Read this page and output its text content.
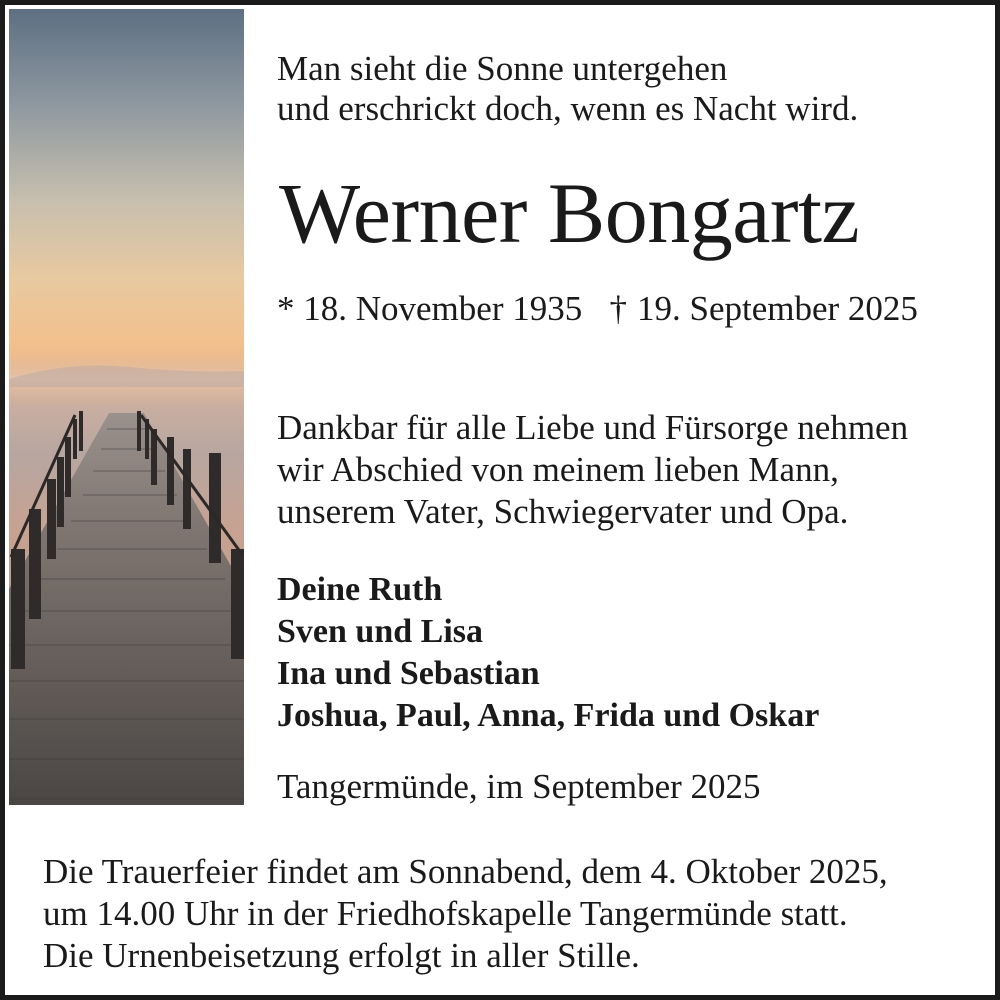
Man sieht die Sonne untergehen
und erschrickt doch, wenn es Nacht wird.
Werner Bongartz
* 18. November 1935 † 19. September 2025
Dankbar für alle Liebe und Fürsorge nehmen
wir Abschied von meinem lieben Mann,
unserem Vater, Schwiegervater und Opa.
Deine Ruth
Sven und Lisa
Ina und Sebastian
Joshua, Paul, Anna, Frida und Oskar
Tangermünde, im September 2025
Die Trauerfeier findet am Sonnabend, dem 4. Oktober 2025,
um 14.00 Uhr in der Friedhofskapelle Tangermünde statt.
Die Urnenbeisetzung erfolgt in aller Stille.
